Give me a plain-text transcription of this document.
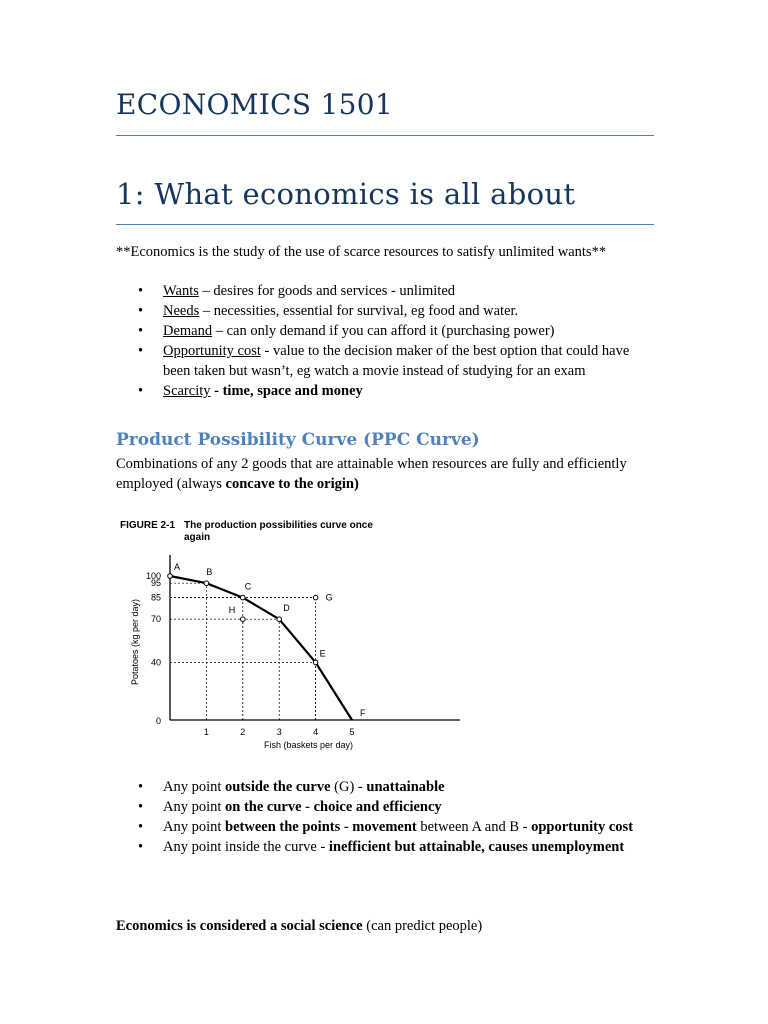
ECONOMICS 1501
1: What economics is all about

**Economics is the study of the use of scarce resources to satisfy unlimited wants**

• Wants – desires for goods and services - unlimited
• Needs – necessities, essential for survival, eg food and water.
• Demand – can only demand if you can afford it (purchasing power)
• Opportunity cost - value to the decision maker of the best option that could have been taken but wasn’t, eg watch a movie instead of studying for an exam
• Scarcity - time, space and money
Product Possibility Curve (PPC Curve)

Combinations of any 2 goods that are attainable when resources are fully and efficiently employed (always concave to the origin)

FIGURE 2-1 The production possibilities curve once
again
1	2	3	4	5
0
40
70
85
95
100
A
B
C
D
E
F
G
H
Fish (baskets per day)
Potatoes (kg per day)
• Any point outside the curve (G) - unattainable
• Any point on the curve - choice and efficiency
• Any point between the points - movement between A and B - opportunity cost
• Any point inside the curve - inefficient but attainable, causes unemployment

Economics is considered a social science (can predict people)
